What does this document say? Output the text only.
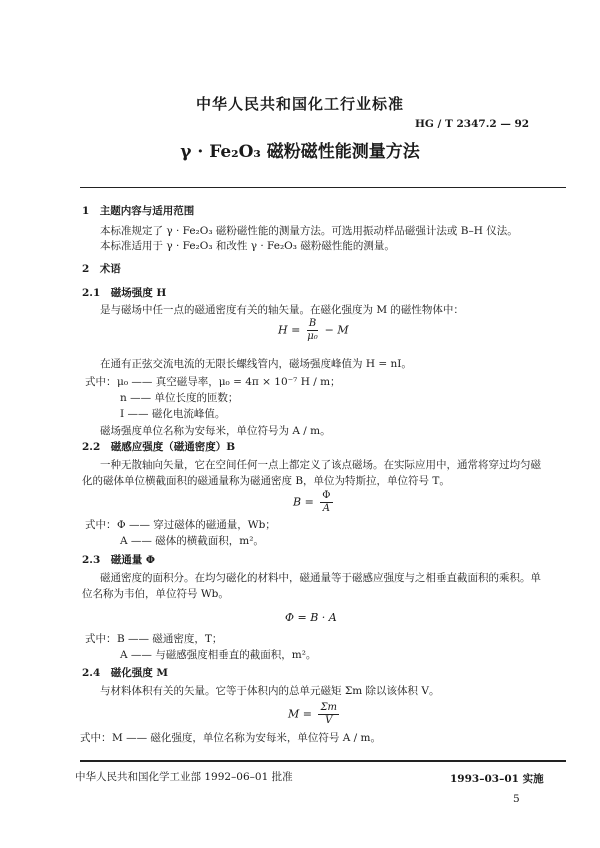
中华人民共和国化工行业标准
HG / T 2347.2 — 92
γ · Fe₂O₃ 磁粉磁性能测量方法
1　主题内容与适用范围
本标准规定了 γ · Fe₂O₃ 磁粉磁性能的测量方法。可选用振动样品磁强计法或 B–H 仪法。
本标准适用于 γ · Fe₂O₃ 和改性 γ · Fe₂O₃ 磁粉磁性能的测量。
2　术语
2.1　磁场强度 H
是与磁场中任一点的磁通密度有关的轴矢量。在磁化强度为 M 的磁性物体中：
$H = \frac{B}{\text{μ₀}} - M$
在通有正弦交流电流的无限长螺线管内，磁场强度峰值为 H = nI。
式中： μ₀ —— 真空磁导率，μ₀ = 4π × 10⁻⁷ H / m；
n —— 单位长度的匝数；
I —— 磁化电流峰值。
磁场强度单位名称为安每米，单位符号为 A / m。
2.2　磁感应强度（磁通密度）B
一种无散轴向矢量，它在空间任何一点上都定义了该点磁场。在实际应用中，通常将穿过均匀磁
化的磁体单位横截面积的磁通量称为磁通密度 B，单位为特斯拉，单位符号 T。
$B = \frac{\Phi}{A}$
式中： Φ —— 穿过磁体的磁通量，Wb；
A —— 磁体的横截面积，m²。
2.3　磁通量 Φ
磁通密度的面积分。在均匀磁化的材料中，磁通量等于磁感应强度与之相垂直截面积的乘积。单
位名称为韦伯，单位符号 Wb。
Φ = B · A
式中： B —— 磁通密度，T；
A —— 与磁感强度相垂直的截面积，m²。
2.4　磁化强度 M
与材料体积有关的矢量。它等于体积内的总单元磁矩 Σm 除以该体积 V。
$M = \frac{\Sigma m}{V}$
式中： M —— 磁化强度，单位名称为安每米，单位符号 A / m。
中华人民共和国化学工业部 1992–06–01 批准	1993–03–01 实施
5
